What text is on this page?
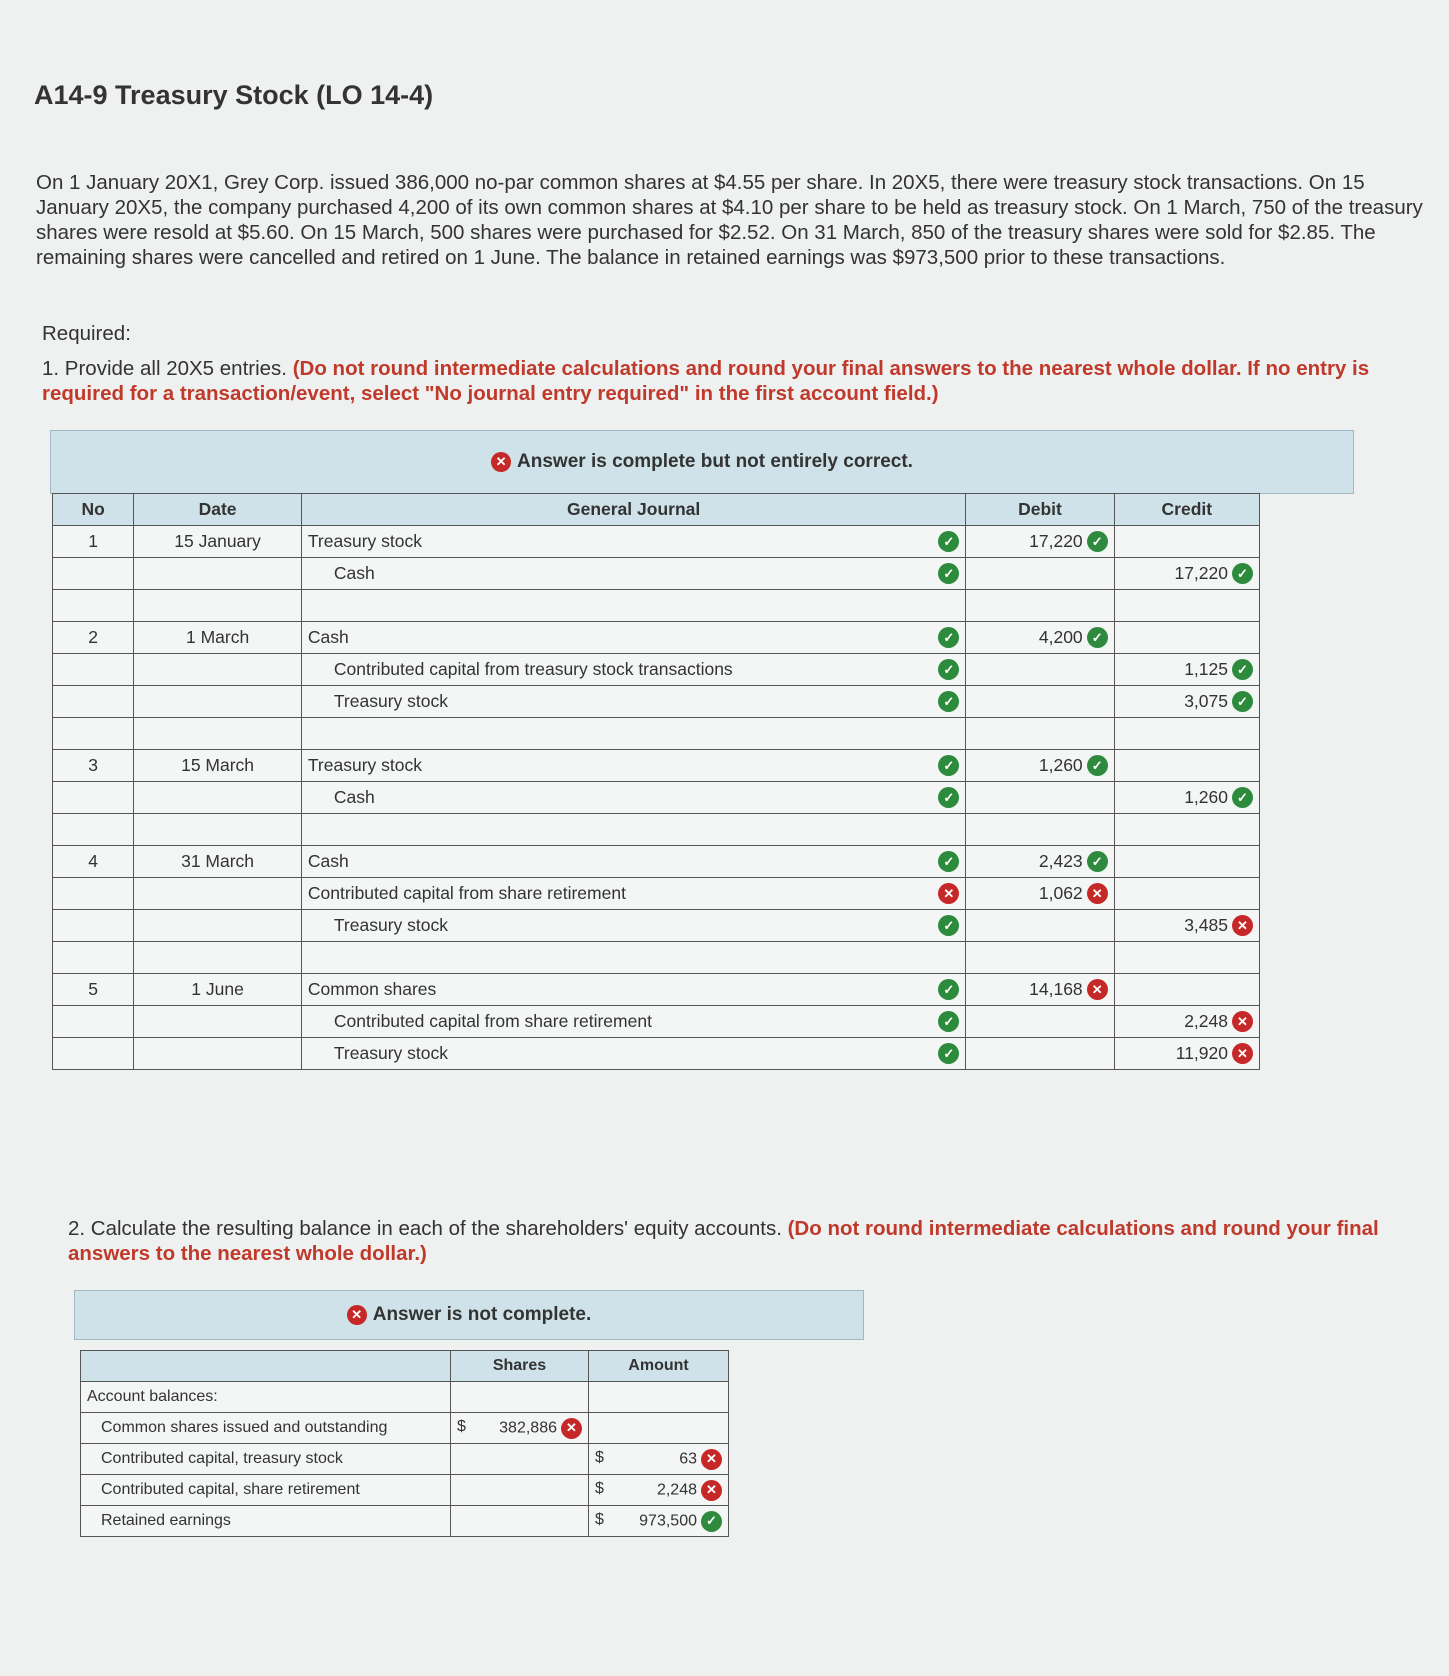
A14-9 Treasury Stock (LO 14-4)
On 1 January 20X1, Grey Corp. issued 386,000 no-par common shares at $4.55 per share. In 20X5, there were treasury stock transactions. On 15 January 20X5, the company purchased 4,200 of its own common shares at $4.10 per share to be held as treasury stock. On 1 March, 750 of the treasury shares were resold at $5.60. On 15 March, 500 shares were purchased for $2.52. On 31 March, 850 of the treasury shares were sold for $2.85. The remaining shares were cancelled and retired on 1 June. The balance in retained earnings was $973,500 prior to these transactions.
Required:
1. Provide all 20X5 entries. (Do not round intermediate calculations and round your final answers to the nearest whole dollar. If no entry is required for a transaction/event, select "No journal entry required" in the first account field.)
✕ Answer is complete but not entirely correct.
No	Date	General Journal	Debit	Credit
1	15 January	Treasury stock ✓	17,220 ✓	

		Cash ✓		17,220 ✓

2	1 March	Cash ✓	4,200 ✓	

		Contributed capital from treasury stock transactions ✓		1,125 ✓

		Treasury stock ✓		3,075 ✓

3	15 March	Treasury stock ✓	1,260 ✓	

		Cash ✓		1,260 ✓

4	31 March	Cash ✓	2,423 ✓	

		Contributed capital from share retirement ✕	1,062 ✕	

		Treasury stock ✓		3,485 ✕

5	1 June	Common shares ✓	14,168 ✕	

		Contributed capital from share retirement ✓		2,248 ✕

		Treasury stock ✓		11,920 ✕
2. Calculate the resulting balance in each of the shareholders' equity accounts. (Do not round intermediate calculations and round your final answers to the nearest whole dollar.)
✕ Answer is not complete.
	Shares	Amount
Account balances:		
Common shares issued and outstanding	$ 382,886 ✕	
Contributed capital, treasury stock		$ 63 ✕
Contributed capital, share retirement		$ 2,248 ✕
Retained earnings		$ 973,500 ✓
